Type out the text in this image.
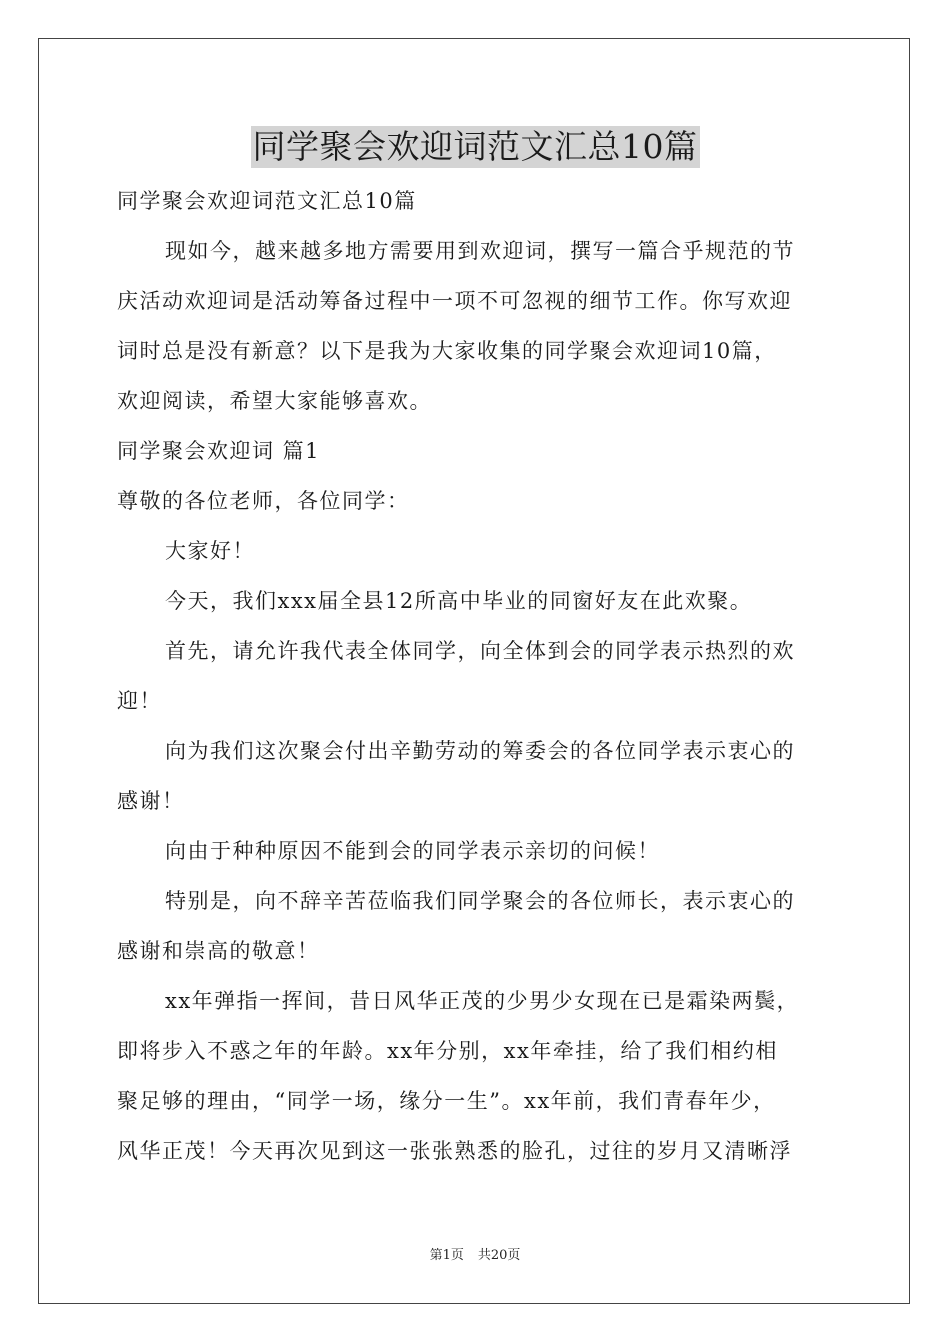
同学聚会欢迎词范文汇总10篇
同学聚会欢迎词范文汇总10篇
现如今，越来越多地方需要用到欢迎词，撰写一篇合乎规范的节
庆活动欢迎词是活动筹备过程中一项不可忽视的细节工作。你写欢迎
词时总是没有新意？以下是我为大家收集的同学聚会欢迎词10篇，
欢迎阅读，希望大家能够喜欢。
同学聚会欢迎词 篇1
尊敬的各位老师，各位同学：
大家好！
今天，我们xxx届全县12所高中毕业的同窗好友在此欢聚。
首先，请允许我代表全体同学，向全体到会的同学表示热烈的欢
迎！
向为我们这次聚会付出辛勤劳动的筹委会的各位同学表示衷心的
感谢！
向由于种种原因不能到会的同学表示亲切的问候！
特别是，向不辞辛苦莅临我们同学聚会的各位师长，表示衷心的
感谢和崇高的敬意！
xx年弹指一挥间，昔日风华正茂的少男少女现在已是霜染两鬓，
即将步入不惑之年的年龄。xx年分别，xx年牵挂，给了我们相约相
聚足够的理由，“同学一场，缘分一生”。xx年前，我们青春年少，
风华正茂！今天再次见到这一张张熟悉的脸孔，过往的岁月又清晰浮
第1页 共20页
